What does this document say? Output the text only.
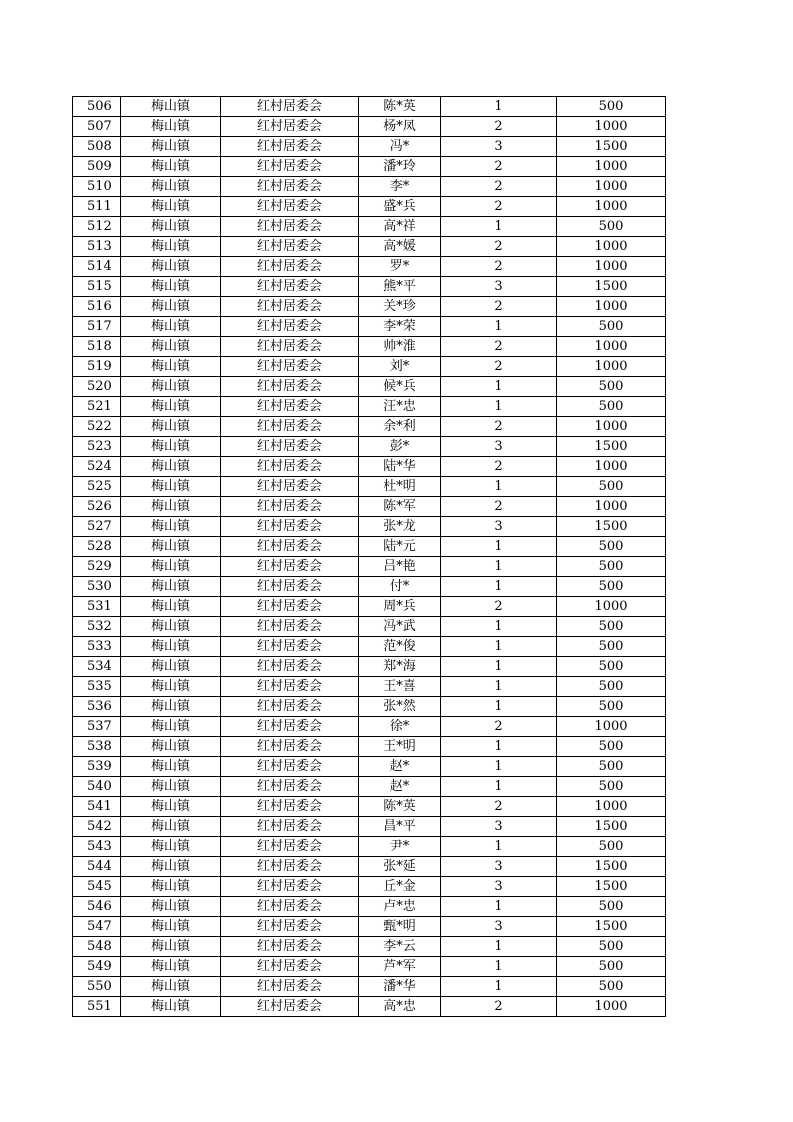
506	梅山镇	红村居委会	陈*英	1	500
507	梅山镇	红村居委会	杨*凤	2	1000
508	梅山镇	红村居委会	冯*	3	1500
509	梅山镇	红村居委会	潘*玲	2	1000
510	梅山镇	红村居委会	李*	2	1000
511	梅山镇	红村居委会	盛*兵	2	1000
512	梅山镇	红村居委会	高*祥	1	500
513	梅山镇	红村居委会	高*媛	2	1000
514	梅山镇	红村居委会	罗*	2	1000
515	梅山镇	红村居委会	熊*平	3	1500
516	梅山镇	红村居委会	关*珍	2	1000
517	梅山镇	红村居委会	李*荣	1	500
518	梅山镇	红村居委会	帅*淮	2	1000
519	梅山镇	红村居委会	刘*	2	1000
520	梅山镇	红村居委会	候*兵	1	500
521	梅山镇	红村居委会	汪*忠	1	500
522	梅山镇	红村居委会	余*利	2	1000
523	梅山镇	红村居委会	彭*	3	1500
524	梅山镇	红村居委会	陆*华	2	1000
525	梅山镇	红村居委会	杜*明	1	500
526	梅山镇	红村居委会	陈*军	2	1000
527	梅山镇	红村居委会	张*龙	3	1500
528	梅山镇	红村居委会	陆*元	1	500
529	梅山镇	红村居委会	吕*艳	1	500
530	梅山镇	红村居委会	付*	1	500
531	梅山镇	红村居委会	周*兵	2	1000
532	梅山镇	红村居委会	冯*武	1	500
533	梅山镇	红村居委会	范*俊	1	500
534	梅山镇	红村居委会	郑*海	1	500
535	梅山镇	红村居委会	王*喜	1	500
536	梅山镇	红村居委会	张*然	1	500
537	梅山镇	红村居委会	徐*	2	1000
538	梅山镇	红村居委会	王*明	1	500
539	梅山镇	红村居委会	赵*	1	500
540	梅山镇	红村居委会	赵*	1	500
541	梅山镇	红村居委会	陈*英	2	1000
542	梅山镇	红村居委会	昌*平	3	1500
543	梅山镇	红村居委会	尹*	1	500
544	梅山镇	红村居委会	张*延	3	1500
545	梅山镇	红村居委会	丘*金	3	1500
546	梅山镇	红村居委会	卢*忠	1	500
547	梅山镇	红村居委会	甄*明	3	1500
548	梅山镇	红村居委会	李*云	1	500
549	梅山镇	红村居委会	芦*军	1	500
550	梅山镇	红村居委会	潘*华	1	500
551	梅山镇	红村居委会	高*忠	2	1000
